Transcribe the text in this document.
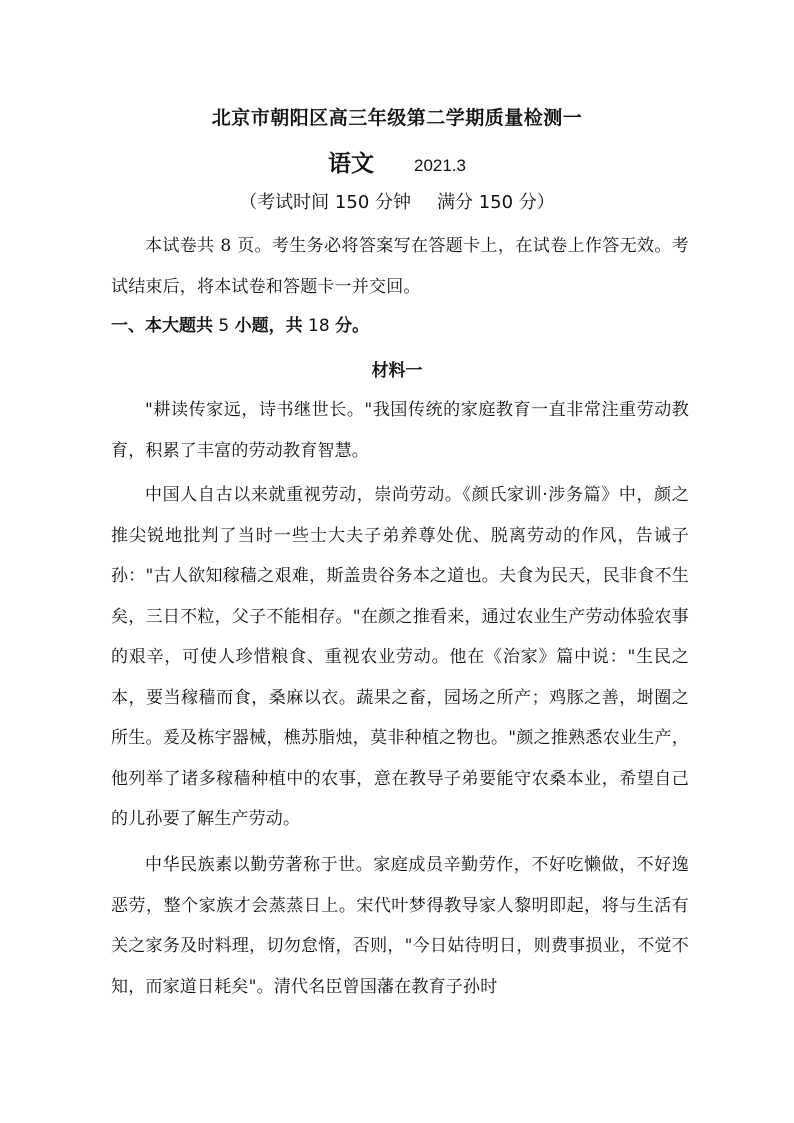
北京市朝阳区高三年级第二学期质量检测一
语文 2021.3
（考试时间 150 分钟 满分 150 分）

本试卷共 8 页。考生务必将答案写在答题卡上，在试卷上作答无效。考试结束后，将本试卷和答题卡一并交回。

一、本大题共 5 小题，共 18 分。
材料一

"耕读传家远，诗书继世长。"我国传统的家庭教育一直非常注重劳动教育，积累了丰富的劳动教育智慧。

中国人自古以来就重视劳动，崇尚劳动。《颜氏家训·涉务篇》中，颜之推尖锐地批判了当时一些士大夫子弟养尊处优、脱离劳动的作风，告诫子孙："古人欲知稼穑之艰难，斯盖贵谷务本之道也。夫食为民天，民非食不生矣，三日不粒，父子不能相存。"在颜之推看来，通过农业生产劳动体验农事的艰辛，可使人珍惜粮食、重视农业劳动。他在《治家》篇中说："生民之本，要当稼穑而食，桑麻以衣。蔬果之畜，园场之所产；鸡豚之善，埘圈之所生。爰及栋宇器械，樵苏脂烛，莫非种植之物也。"颜之推熟悉农业生产，他列举了诸多稼穑种植中的农事，意在教导子弟要能守农桑本业，希望自己的儿孙要了解生产劳动。

中华民族素以勤劳著称于世。家庭成员辛勤劳作，不好吃懒做，不好逸恶劳，整个家族才会蒸蒸日上。宋代叶梦得教导家人黎明即起，将与生活有关之家务及时料理，切勿怠惰，否则，"今日姑待明日，则费事损业，不觉不知，而家道日耗矣"。清代名臣曾国藩在教育子孙时
